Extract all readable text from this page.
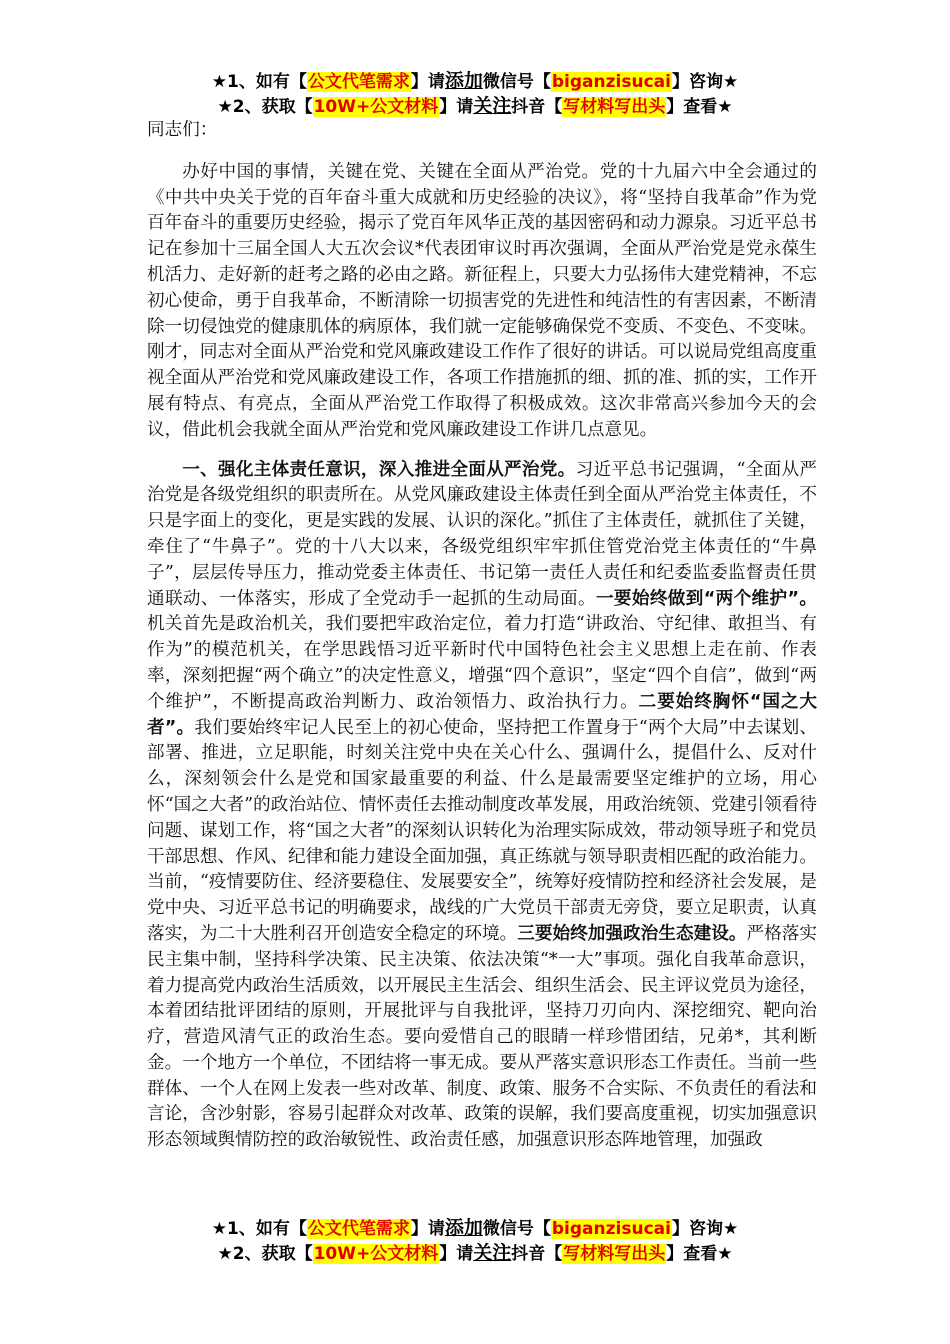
★1、如有【公文代笔需求】请添加微信号【biganzisucai】咨询★
★2、获取【10W+公文材料】请关注抖音【写材料写出头】查看★

同志们：

办好中国的事情，关键在党、关键在全面从严治党。党的十九届六中全会通过的《中共中央关于党的百年奋斗重大成就和历史经验的决议》，将“坚持自我革命”作为党百年奋斗的重要历史经验，揭示了党百年风华正茂的基因密码和动力源泉。习近平总书记在参加十三届全国人大五次会议*代表团审议时再次强调，全面从严治党是党永葆生机活力、走好新的赶考之路的必由之路。新征程上，只要大力弘扬伟大建党精神，不忘初心使命，勇于自我革命，不断清除一切损害党的先进性和纯洁性的有害因素，不断清除一切侵蚀党的健康肌体的病原体，我们就一定能够确保党不变质、不变色、不变味。刚才，同志对全面从严治党和党风廉政建设工作作了很好的讲话。可以说局党组高度重视全面从严治党和党风廉政建设工作，各项工作措施抓的细、抓的准、抓的实，工作开展有特点、有亮点，全面从严治党工作取得了积极成效。这次非常高兴参加今天的会议，借此机会我就全面从严治党和党风廉政建设工作讲几点意见。

一、强化主体责任意识，深入推进全面从严治党。习近平总书记强调，“全面从严治党是各级党组织的职责所在。从党风廉政建设主体责任到全面从严治党主体责任，不只是字面上的变化，更是实践的发展、认识的深化。”抓住了主体责任，就抓住了关键，牵住了“牛鼻子”。党的十八大以来，各级党组织牢牢抓住管党治党主体责任的“牛鼻子”，层层传导压力，推动党委主体责任、书记第一责任人责任和纪委监委监督责任贯通联动、一体落实，形成了全党动手一起抓的生动局面。一要始终做到“两个维护”。机关首先是政治机关，我们要把牢政治定位，着力打造“讲政治、守纪律、敢担当、有作为”的模范机关，在学思践悟习近平新时代中国特色社会主义思想上走在前、作表率，深刻把握“两个确立”的决定性意义，增强“四个意识”，坚定“四个自信”，做到“两个维护”，不断提高政治判断力、政治领悟力、政治执行力。二要始终胸怀“国之大者”。我们要始终牢记人民至上的初心使命，坚持把工作置身于“两个大局”中去谋划、部署、推进，立足职能，时刻关注党中央在关心什么、强调什么，提倡什么、反对什么，深刻领会什么是党和国家最重要的利益、什么是最需要坚定维护的立场，用心怀“国之大者”的政治站位、情怀责任去推动制度改革发展，用政治统领、党建引领看待问题、谋划工作，将“国之大者”的深刻认识转化为治理实际成效，带动领导班子和党员干部思想、作风、纪律和能力建设全面加强，真正练就与领导职责相匹配的政治能力。当前，“疫情要防住、经济要稳住、发展要安全”，统筹好疫情防控和经济社会发展，是党中央、习近平总书记的明确要求，战线的广大党员干部责无旁贷，要立足职责，认真落实，为二十大胜利召开创造安全稳定的环境。三要始终加强政治生态建设。严格落实民主集中制，坚持科学决策、民主决策、依法决策“*一大”事项。强化自我革命意识，着力提高党内政治生活质效，以开展民主生活会、组织生活会、民主评议党员为途径，本着团结批评团结的原则，开展批评与自我批评，坚持刀刃向内、深挖细究、靶向治疗，营造风清气正的政治生态。要向爱惜自己的眼睛一样珍惜团结，兄弟*，其利断金。一个地方一个单位，不团结将一事无成。要从严落实意识形态工作责任。当前一些群体、一个人在网上发表一些对改革、制度、政策、服务不合实际、不负责任的看法和言论，含沙射影，容易引起群众对改革、政策的误解，我们要高度重视，切实加强意识形态领域舆情防控的政治敏锐性、政治责任感，加强意识形态阵地管理，加强政

★1、如有【公文代笔需求】请添加微信号【biganzisucai】咨询★
★2、获取【10W+公文材料】请关注抖音【写材料写出头】查看★
